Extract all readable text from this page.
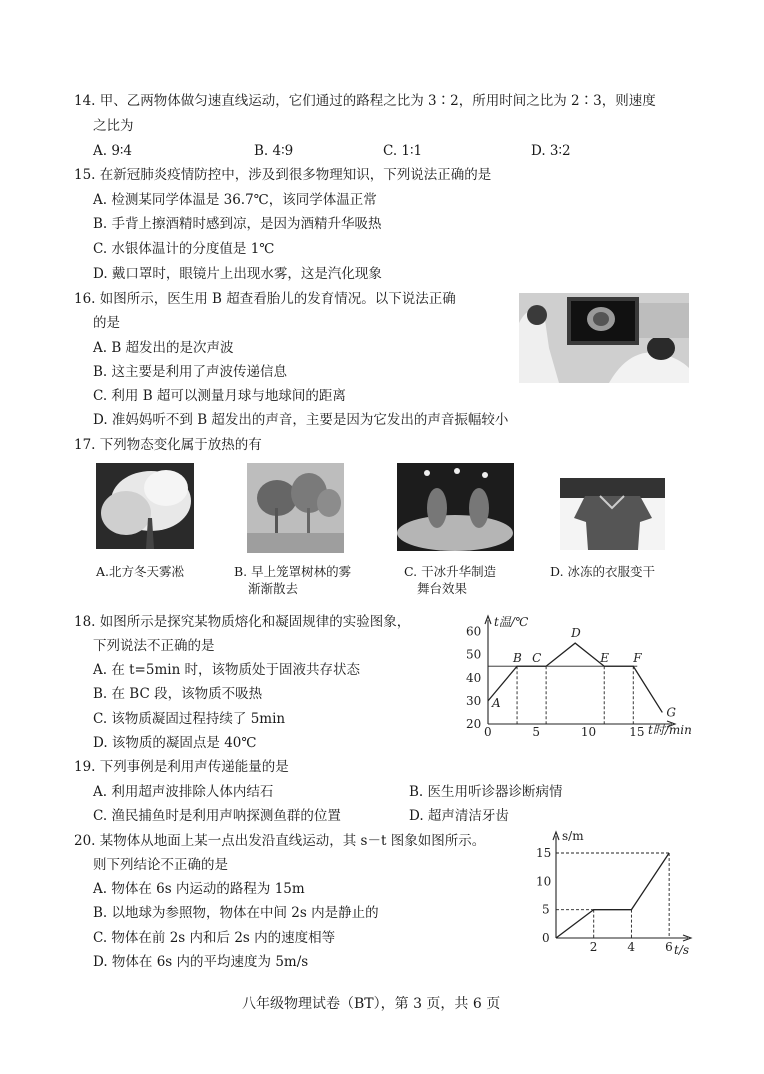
14. 甲、乙两物体做匀速直线运动，它们通过的路程之比为 3∶2，所用时间之比为 2∶3，则速度
之比为
A. 9∶4	B. 4∶9	C. 1∶1	D. 3∶2
15. 在新冠肺炎疫情防控中，涉及到很多物理知识，下列说法正确的是
A. 检测某同学体温是 36.7℃，该同学体温正常
B. 手背上擦酒精时感到凉，是因为酒精升华吸热
C. 水银体温计的分度值是 1℃
D. 戴口罩时，眼镜片上出现水雾，这是汽化现象
16. 如图所示，医生用 B 超查看胎儿的发育情况。以下说法正确
的是
A. B 超发出的是次声波
B. 这主要是利用了声波传递信息
C. 利用 B 超可以测量月球与地球间的距离
D. 准妈妈听不到 B 超发出的声音，主要是因为它发出的声音振幅较小
17. 下列物态变化属于放热的有
A.北方冬天雾凇	B. 早上笼罩树林的雾
渐渐散去
C. 干冰升华制造
舞台效果
D. 冰冻的衣服变干
18. 如图所示是探究某物质熔化和凝固规律的实验图象，
下列说法不正确的是
A. 在 t=5min 时，该物质处于固液共存状态
B. 在 BC 段，该物质不吸热
C. 该物质凝固过程持续了 5min
D. 该物质的凝固点是 40℃
A
B C
D
E F
G
20
30
40
50
60
0	5	10	15
t温/℃
t时/min
19. 下列事例是利用声传递能量的是
A. 利用超声波排除人体内结石	B. 医生用听诊器诊断病情
C. 渔民捕鱼时是利用声呐探测鱼群的位置	D. 超声清洁牙齿
20. 某物体从地面上某一点出发沿直线运动，其 s－t 图象如图所示。
则下列结论不正确的是
A. 物体在 6s 内运动的路程为 15m
B. 以地球为参照物，物体在中间 2s 内是静止的
C. 物体在前 2s 内和后 2s 内的速度相等
D. 物体在 6s 内的平均速度为 5m/s
0
5
10
15
2	4	6
s/m
t/s
八年级物理试卷（BT），第 3 页，共 6 页
